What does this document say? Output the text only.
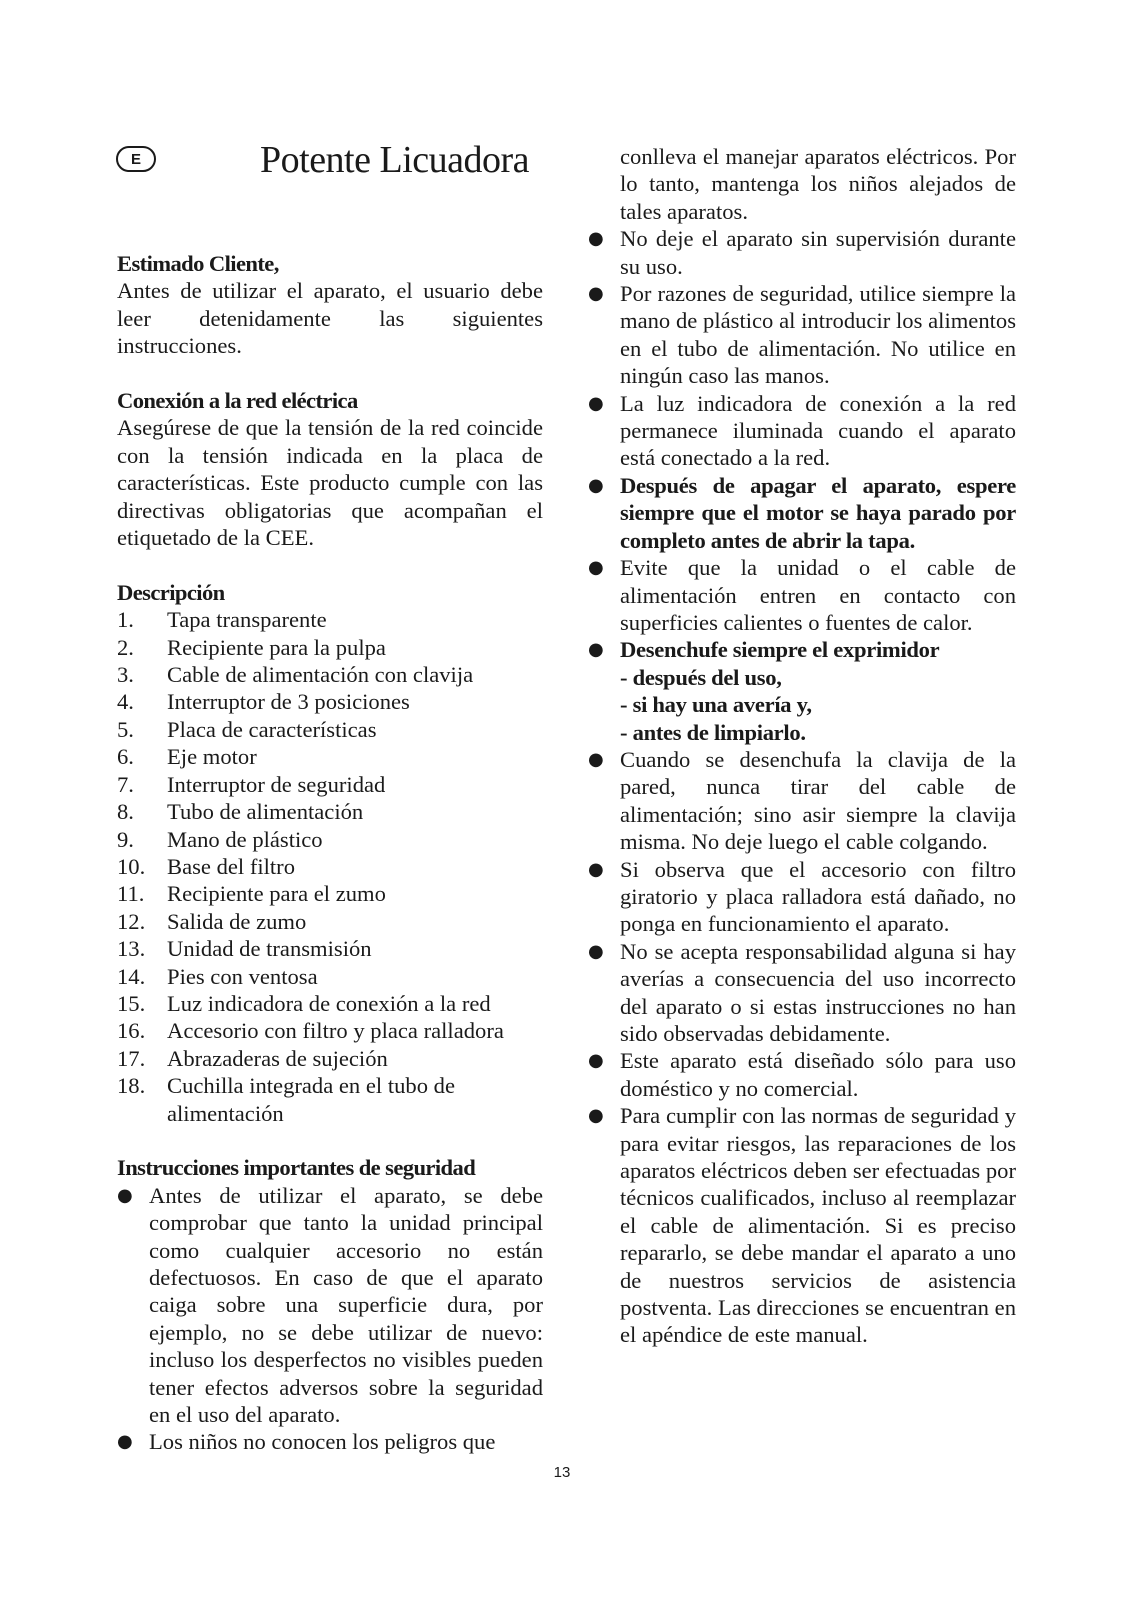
E	Potente Licuadora
Estimado Cliente,
Antes de utilizar el aparato, el usuario debe leer detenidamente las siguientes instrucciones.
Conexión a la red eléctrica
Asegúrese de que la tensión de la red coincide con la tensión indicada en la placa de características. Este producto cumple con las directivas obligatorias que acompañan el etiquetado de la CEE.
Descripción
1.	Tapa transparente
2.	Recipiente para la pulpa
3.	Cable de alimentación con clavija
4.	Interruptor de 3 posiciones
5.	Placa de características
6.	Eje motor
7.	Interruptor de seguridad
8.	Tubo de alimentación
9.	Mano de plástico
10. Base del filtro
11. Recipiente para el zumo
12. Salida de zumo
13. Unidad de transmisión
14. Pies con ventosa
15. Luz indicadora de conexión a la red
16. Accesorio con filtro y placa ralladora
17. Abrazaderas de sujeción
18. Cuchilla integrada en el tubo de alimentación
Instrucciones importantes de seguridad
● Antes de utilizar el aparato, se debe comprobar que tanto la unidad principal como cualquier accesorio no están defectuosos. En caso de que el aparato caiga sobre una superficie dura, por ejemplo, no se debe utilizar de nuevo: incluso los desperfectos no visibles pueden tener efectos adversos sobre la seguridad en el uso del aparato.
● Los niños no conocen los peligros que
conlleva el manejar aparatos eléctricos. Por lo tanto, mantenga los niños alejados de tales aparatos.
● No deje el aparato sin supervisión durante su uso.
● Por razones de seguridad, utilice siempre la mano de plástico al introducir los alimentos en el tubo de alimentación. No utilice en ningún caso las manos.
● La luz indicadora de conexión a la red permanece iluminada cuando el aparato está conectado a la red.
● Después de apagar el aparato, espere siempre que el motor se haya parado por completo antes de abrir la tapa.
● Evite que la unidad o el cable de alimentación entren en contacto con superficies calientes o fuentes de calor.
● Desenchufe siempre el exprimidor
- después del uso,
- si hay una avería y,
- antes de limpiarlo.
● Cuando se desenchufa la clavija de la pared, nunca tirar del cable de alimentación; sino asir siempre la clavija misma. No deje luego el cable colgando.
● Si observa que el accesorio con filtro giratorio y placa ralladora está dañado, no ponga en funcionamiento el aparato.
● No se acepta responsabilidad alguna si hay averías a consecuencia del uso incorrecto del aparato o si estas instrucciones no han sido observadas debidamente.
● Este aparato está diseñado sólo para uso doméstico y no comercial.
● Para cumplir con las normas de seguridad y para evitar riesgos, las reparaciones de los aparatos eléctricos deben ser efectuadas por técnicos cualificados, incluso al reemplazar el cable de alimentación. Si es preciso repararlo, se debe mandar el aparato a uno de nuestros servicios de asistencia postventa. Las direcciones se encuentran en el apéndice de este manual.
13
